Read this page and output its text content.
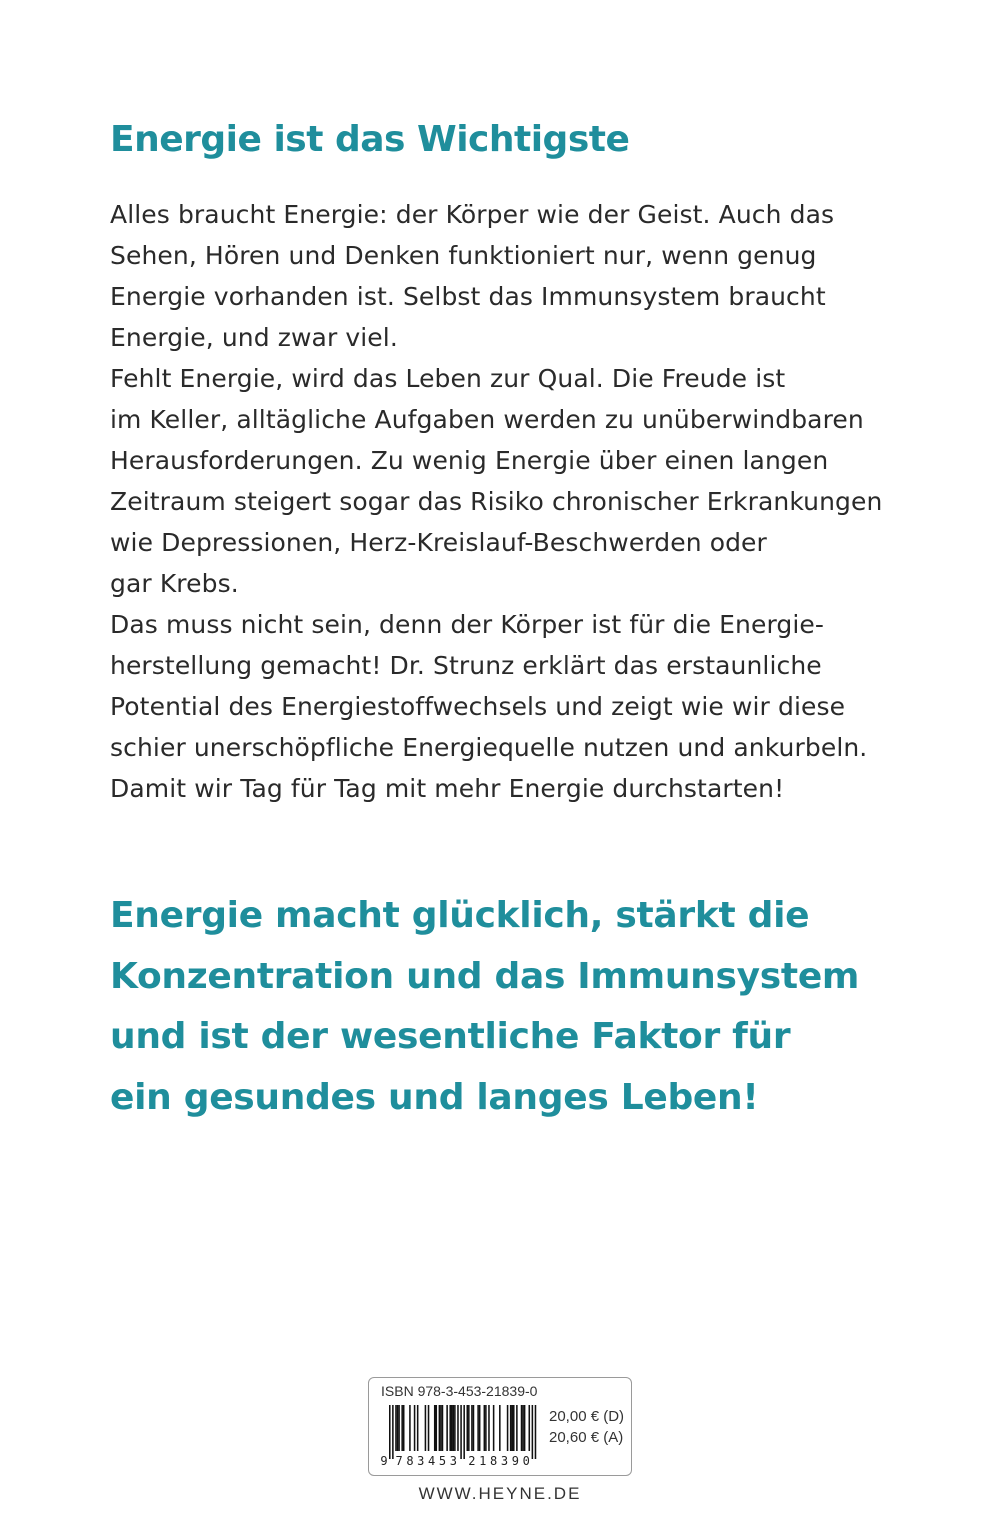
Energie ist das Wichtigste
Alles braucht Energie: der Körper wie der Geist. Auch das
Sehen, Hören und Denken funktioniert nur, wenn genug
Energie vorhanden ist. Selbst das Immunsystem braucht
Energie, und zwar viel.
Fehlt Energie, wird das Leben zur Qual. Die Freude ist
im Keller, alltägliche Aufgaben werden zu unüberwindbaren
Herausforderungen. Zu wenig Energie über einen langen
Zeitraum steigert sogar das Risiko chronischer Erkrankungen
wie Depressionen, Herz-Kreislauf-Beschwerden oder
gar Krebs.
Das muss nicht sein, denn der Körper ist für die Energie-
herstellung gemacht! Dr. Strunz erklärt das erstaunliche
Potential des Energiestoffwechsels und zeigt wie wir diese
schier unerschöpfliche Energiequelle nutzen und ankurbeln.
Damit wir Tag für Tag mit mehr Energie durchstarten!
Energie macht glücklich, stärkt die
Konzentration und das Immunsystem
und ist der wesentliche Faktor für
ein gesundes und langes Leben!
ISBN 978-3-453-21839-0
9 7 8 3 4 5 3 2 1 8 3 9 0
20,00 € (D)
20,60 € (A)
WWW.HEYNE.DE
